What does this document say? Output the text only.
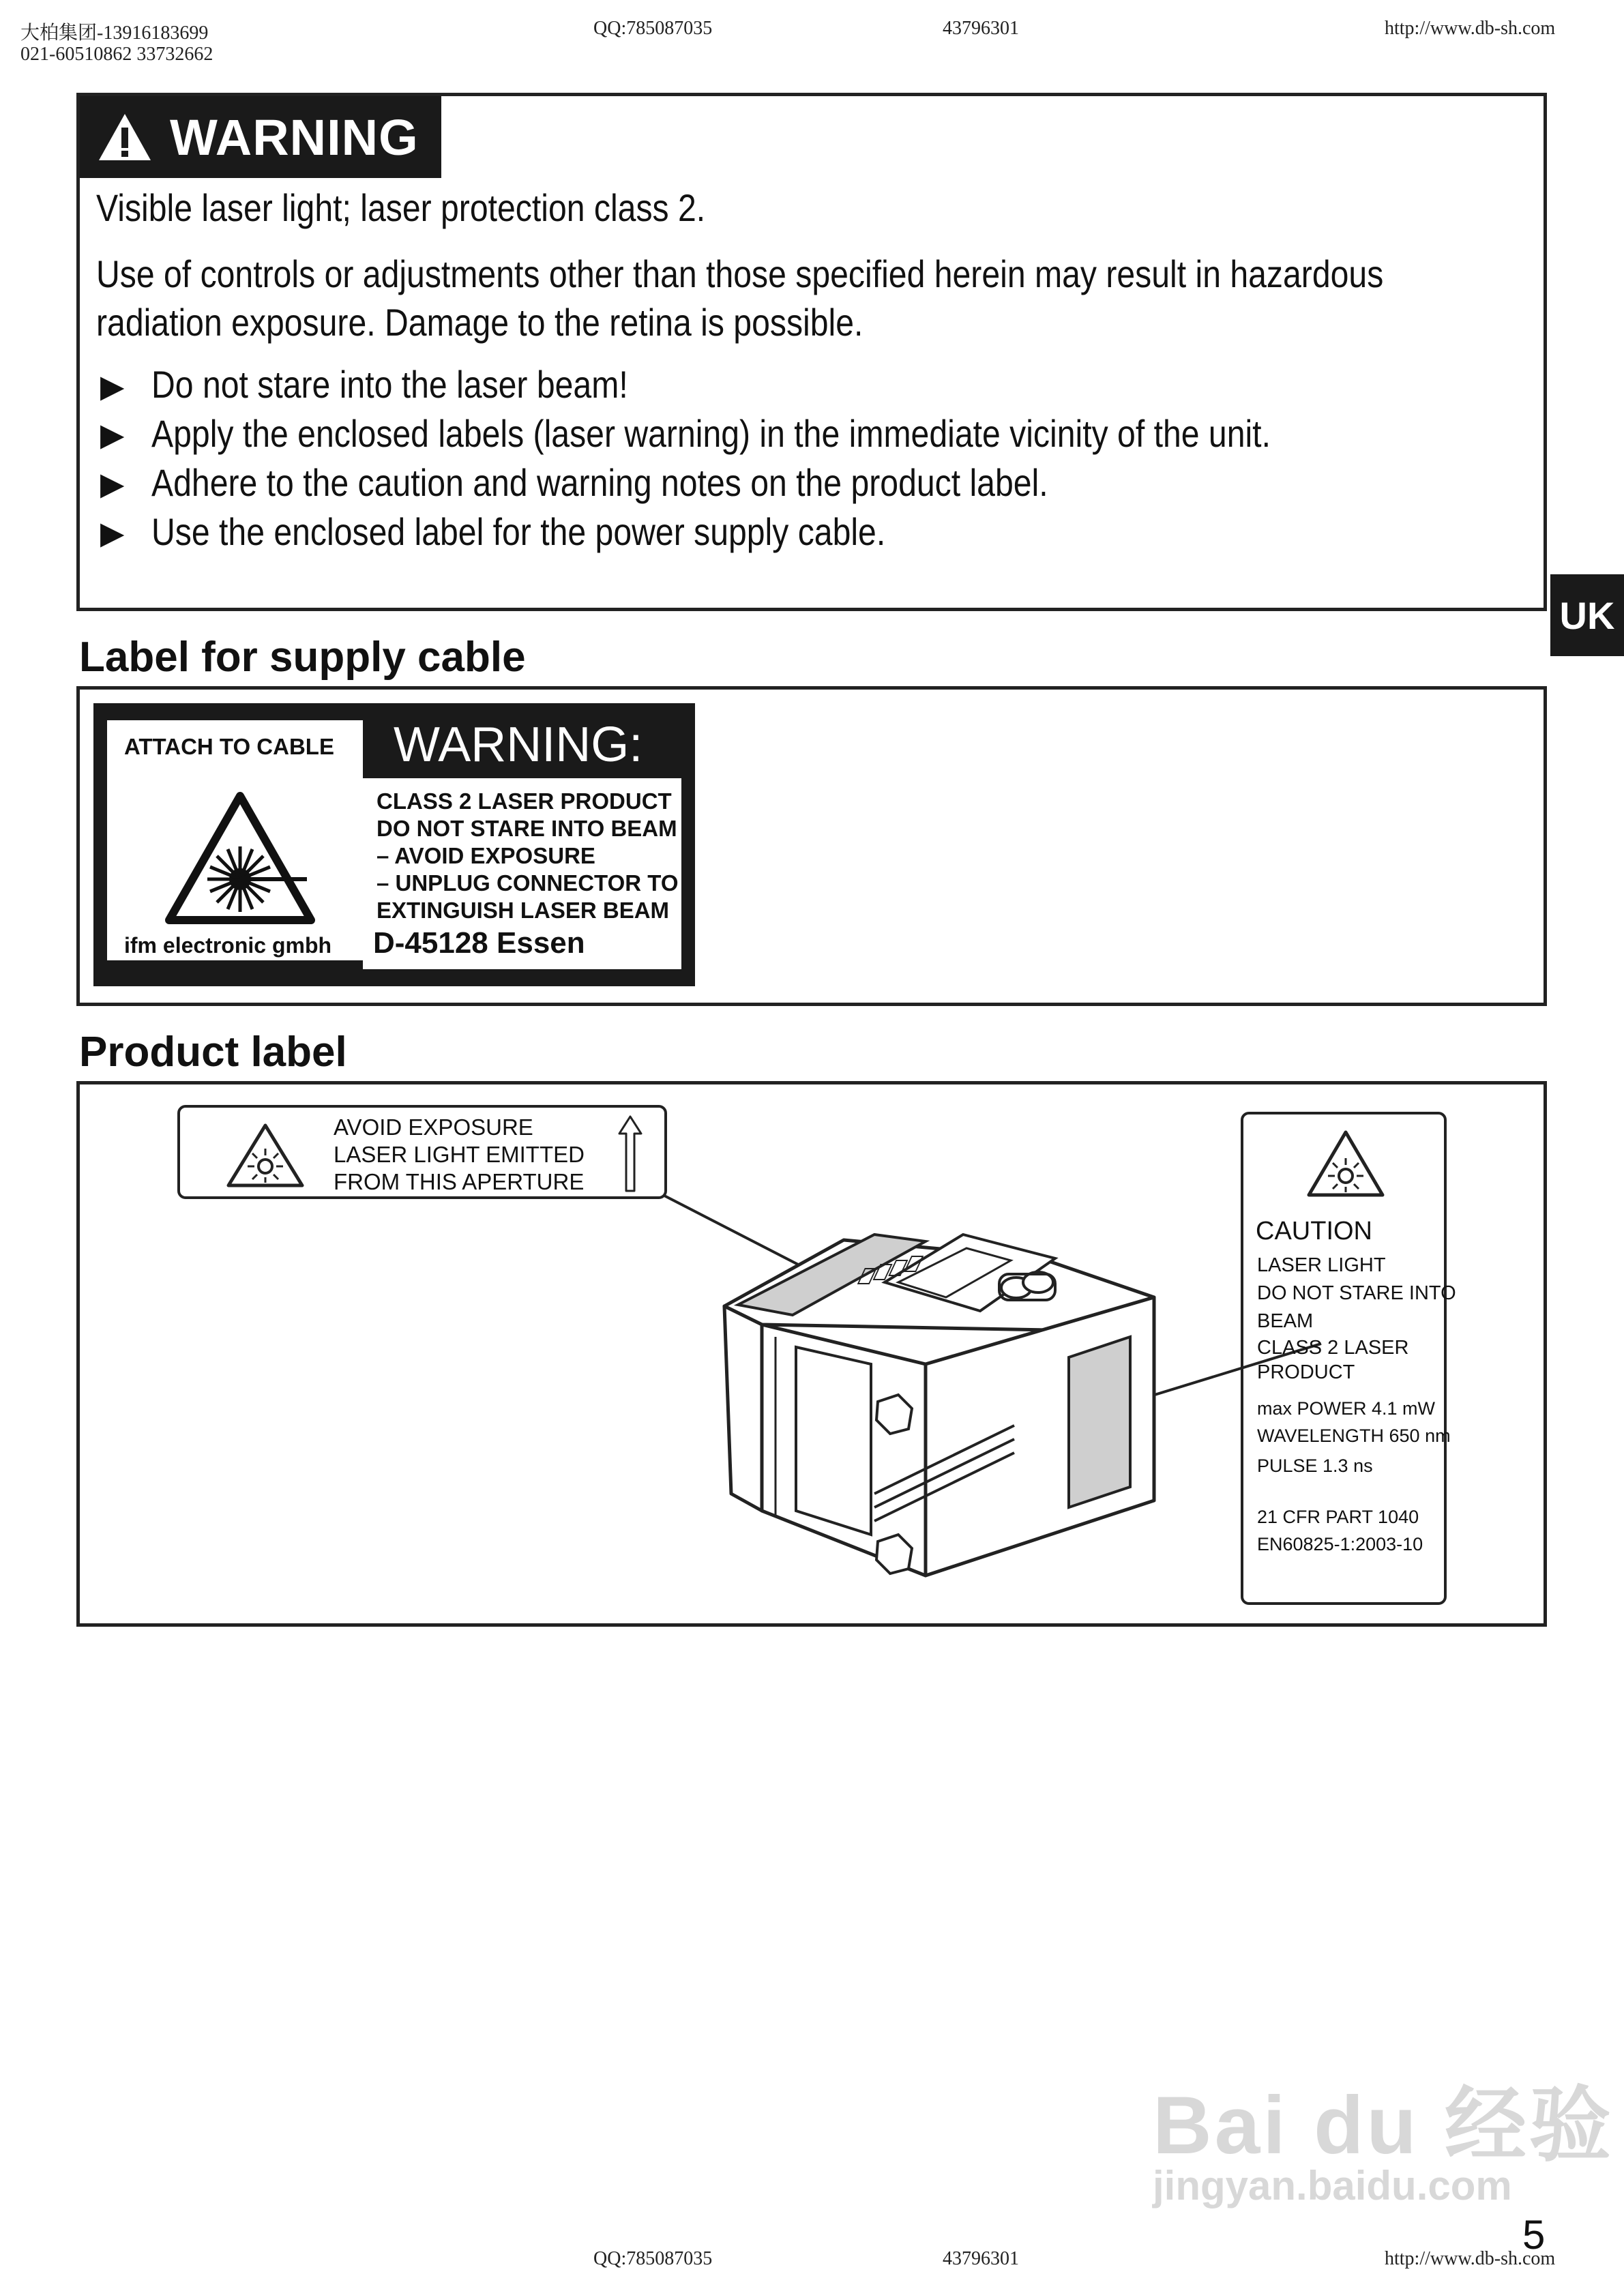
大柏集团-13916183699
021-60510862 33732662
QQ:785087035	43796301	http://www.db-sh.com
UK
WARNING
Visible laser light; laser protection class 2.
Use of controls or adjustments other than those specified herein may result in hazardous
radiation exposure. Damage to the retina is possible.
▶ Do not stare into the laser beam!
▶ Apply the enclosed labels (laser warning) in the immediate vicinity of the unit.
▶ Adhere to the caution and warning notes on the product label.
▶ Use the enclosed label for the power supply cable.
Label for supply cable
ATTACH TO CABLE
ifm electronic gmbh
WARNING:
CLASS 2 LASER PRODUCT
DO NOT STARE INTO BEAM
– AVOID EXPOSURE
– UNPLUG CONNECTOR TO
EXTINGUISH LASER BEAM
D-45128 Essen
Product label
AVOID EXPOSURE
LASER LIGHT EMITTED
FROM THIS APERTURE
CAUTION
LASER LIGHT
DO NOT STARE INTO
BEAM
CLASS 2 LASER
PRODUCT
max POWER 4.1 mW
WAVELENGTH 650 nm
PULSE 1.3 ns
21 CFR PART 1040
EN60825-1:2003-10
Bai du 经验
jingyan.baidu.com
QQ:785087035	43796301	http://www.db-sh.com
5
